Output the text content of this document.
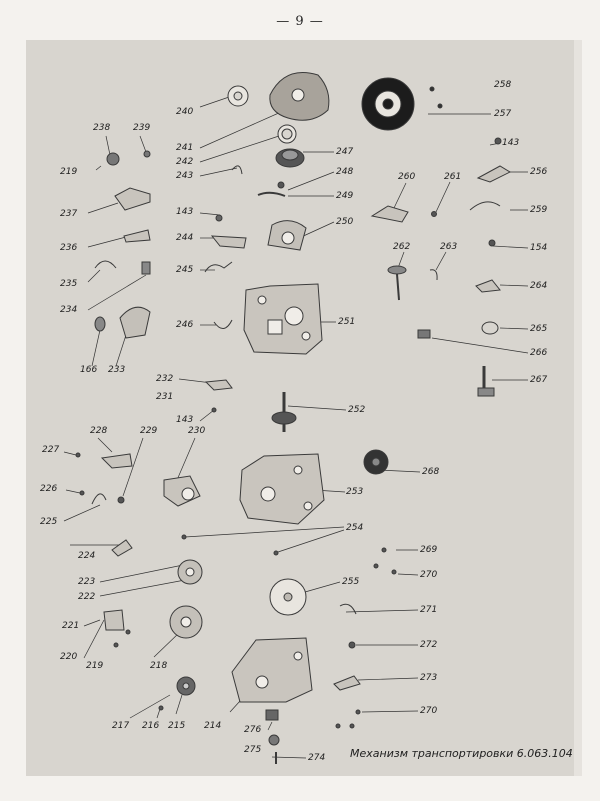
— 9 —
240
241
242
243
247
248
249
250
143
244
245
246	251
238	239
219
237
236
235
234
166 233
258
257
143
256
259
154
264
265
266
267
260	261
262	263
232
231
143
252
227
228	229	230
268
226	253
225
254
224
269
270
223	255
222
271
221
272
220
219	218
273
270
217 216 215 214	276
275
274 Механизм транспортировки 6.063.104
